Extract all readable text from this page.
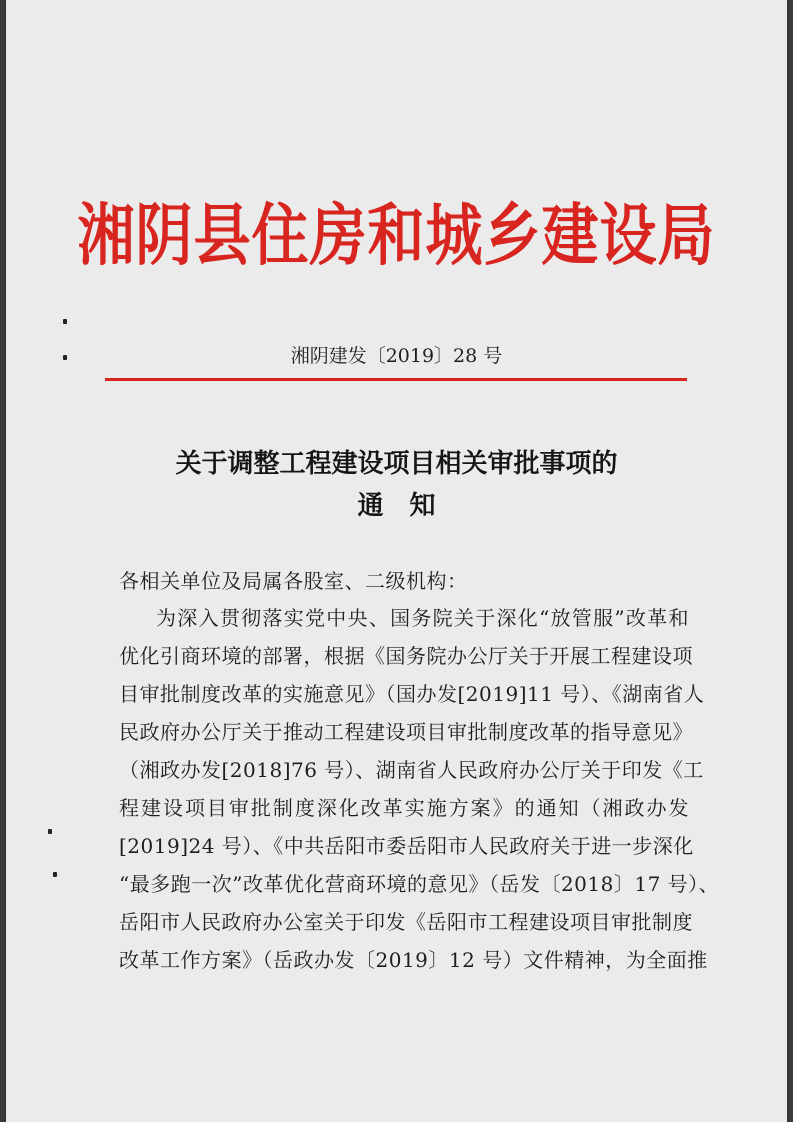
湘阴县住房和城乡建设局
湘阴建发〔2019〕28 号
关于调整工程建设项目相关审批事项的
通　知
各相关单位及局属各股室、二级机构：
为深入贯彻落实党中央、国务院关于深化“放管服”改革和
优化引商环境的部署，根据《国务院办公厅关于开展工程建设项
目审批制度改革的实施意见》（国办发[2019]11 号）、《湖南省人
民政府办公厅关于推动工程建设项目审批制度改革的指导意见》
（湘政办发[2018]76 号）、湖南省人民政府办公厅关于印发《工
程建设项目审批制度深化改革实施方案》的通知（湘政办发
[2019]24 号）、《中共岳阳市委岳阳市人民政府关于进一步深化
“最多跑一次”改革优化营商环境的意见》（岳发〔2018〕17 号）、
岳阳市人民政府办公室关于印发《岳阳市工程建设项目审批制度
改革工作方案》（岳政办发〔2019〕12 号）文件精神，为全面推
